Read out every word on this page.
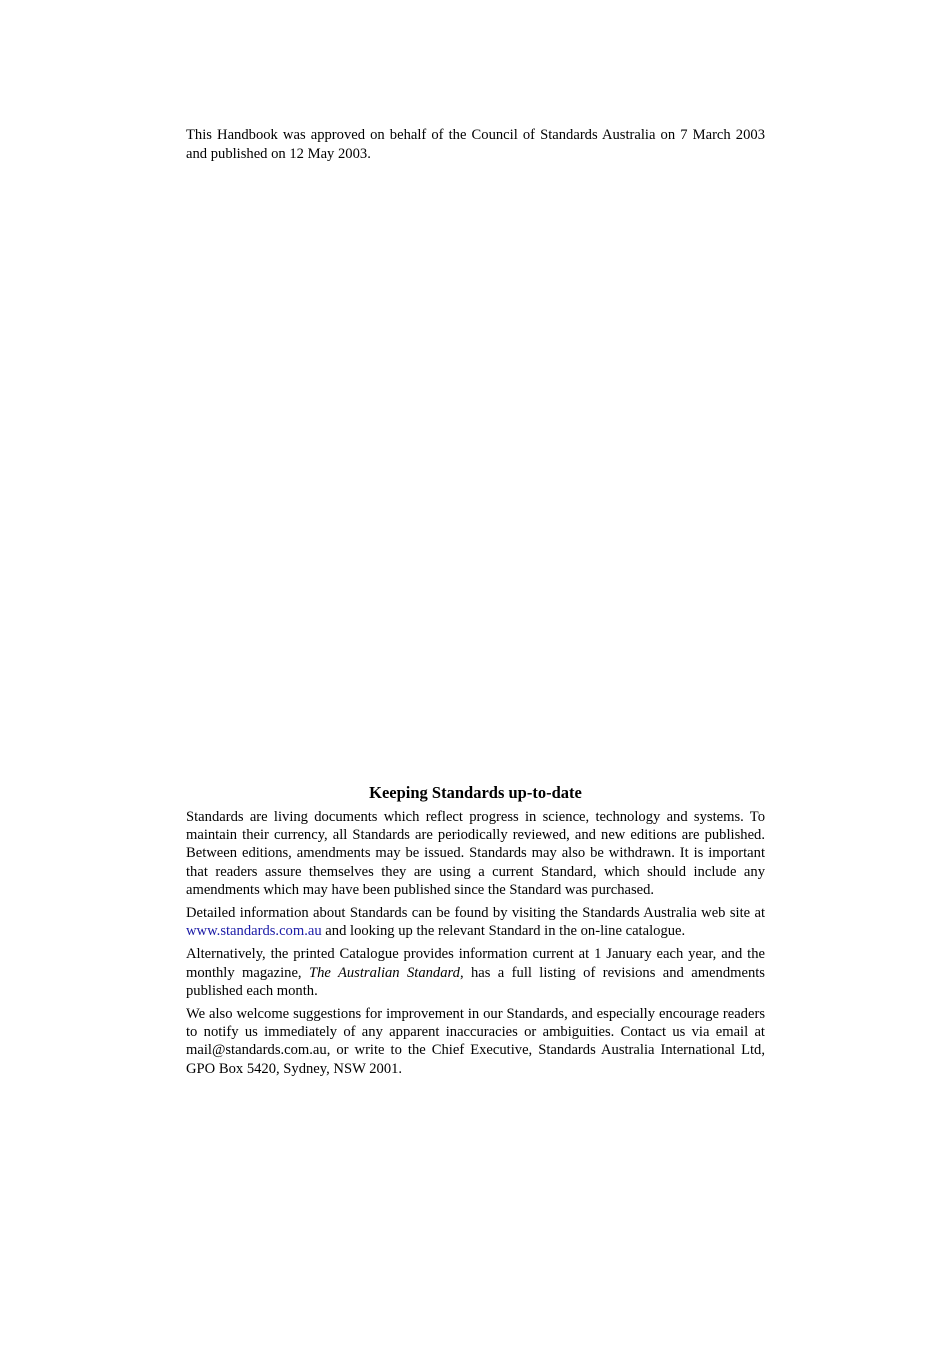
This Handbook was approved on behalf of the Council of Standards Australia on 7 March 2003 and published on 12 May 2003.

Keeping Standards up-to-date

Standards are living documents which reflect progress in science, technology and systems. To maintain their currency, all Standards are periodically reviewed, and new editions are published. Between editions, amendments may be issued. Standards may also be withdrawn. It is important that readers assure themselves they are using a current Standard, which should include any amendments which may have been published since the Standard was purchased.

Detailed information about Standards can be found by visiting the Standards Australia web site at www.standards.com.au and looking up the relevant Standard in the on-line catalogue.

Alternatively, the printed Catalogue provides information current at 1 January each year, and the monthly magazine, The Australian Standard, has a full listing of revisions and amendments published each month.

We also welcome suggestions for improvement in our Standards, and especially encourage readers to notify us immediately of any apparent inaccuracies or ambiguities. Contact us via email at mail@standards.com.au, or write to the Chief Executive, Standards Australia International Ltd, GPO Box 5420, Sydney, NSW 2001.
